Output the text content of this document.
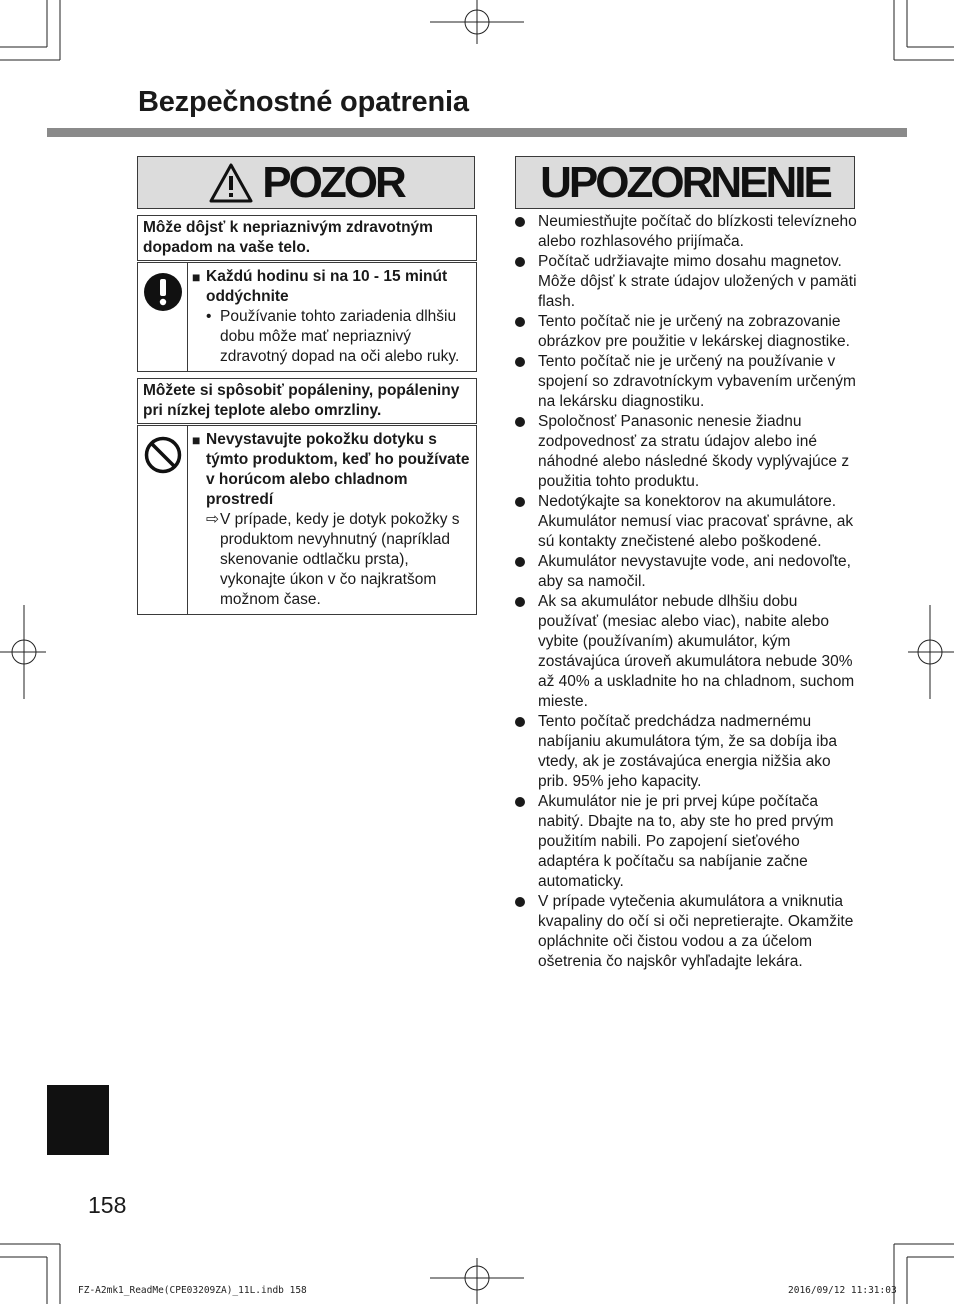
Bezpečnostné opatrenia
POZOR	UPOZORNENIE
Môže dôjsť k nepriaznivým zdravotným dopadom na vaše telo.
■ Každú hodinu si na 10 - 15 minút oddýchnite
• Používanie tohto zariadenia dlhšiu dobu môže mať nepriaznivý zdravotný dopad na oči alebo ruky.
Môžete si spôsobiť popáleniny, popáleniny pri nízkej teplote alebo omrzliny.
■ Nevystavujte pokožku dotyku s týmto produktom, keď ho používate v horúcom alebo chladnom prostredí
⇨ V prípade, kedy je dotyk pokožky s produktom nevyhnutný (napríklad skenovanie odtlačku prsta), vykonajte úkon v čo najkratšom možnom čase.
Neumiestňujte počítač do blízkosti televízneho alebo rozhlasového prijímača.
Počítač udržiavajte mimo dosahu magnetov. Môže dôjsť k strate údajov uložených v pamäti flash.
Tento počítač nie je určený na zobrazovanie obrázkov pre použitie v lekárskej diagnostike.
Tento počítač nie je určený na používanie v spojení so zdravotníckym vybavením určeným na lekársku diagnostiku.
Spoločnosť Panasonic nenesie žiadnu zodpovednosť za stratu údajov alebo iné náhodné alebo následné škody vyplývajúce z použitia tohto produktu.
Nedotýkajte sa konektorov na akumulátore. Akumulátor nemusí viac pracovať správne, ak sú kontakty znečistené alebo poškodené.
Akumulátor nevystavujte vode, ani nedovoľte, aby sa namočil.
Ak sa akumulátor nebude dlhšiu dobu používať (mesiac alebo viac), nabite alebo vybite (používaním) akumulátor, kým zostávajúca úroveň akumulátora nebude 30% až 40% a uskladnite ho na chladnom, suchom mieste.
Tento počítač predchádza nadmernému nabíjaniu akumulátora tým, že sa dobíja iba vtedy, ak je zostávajúca energia nižšia ako prib. 95% jeho kapacity.
Akumulátor nie je pri prvej kúpe počítača nabitý. Dbajte na to, aby ste ho pred prvým použitím nabili. Po zapojení sieťového adaptéra k počítaču sa nabíjanie začne automaticky.
V prípade vytečenia akumulátora a vniknutia kvapaliny do očí si oči nepretierajte. Okamžite opláchnite oči čistou vodou a za účelom ošetrenia čo najskôr vyhľadajte lekára.
158
FZ-A2mk1_ReadMe(CPE03209ZA)_11L.indb 158	2016/09/12 11:31:03
